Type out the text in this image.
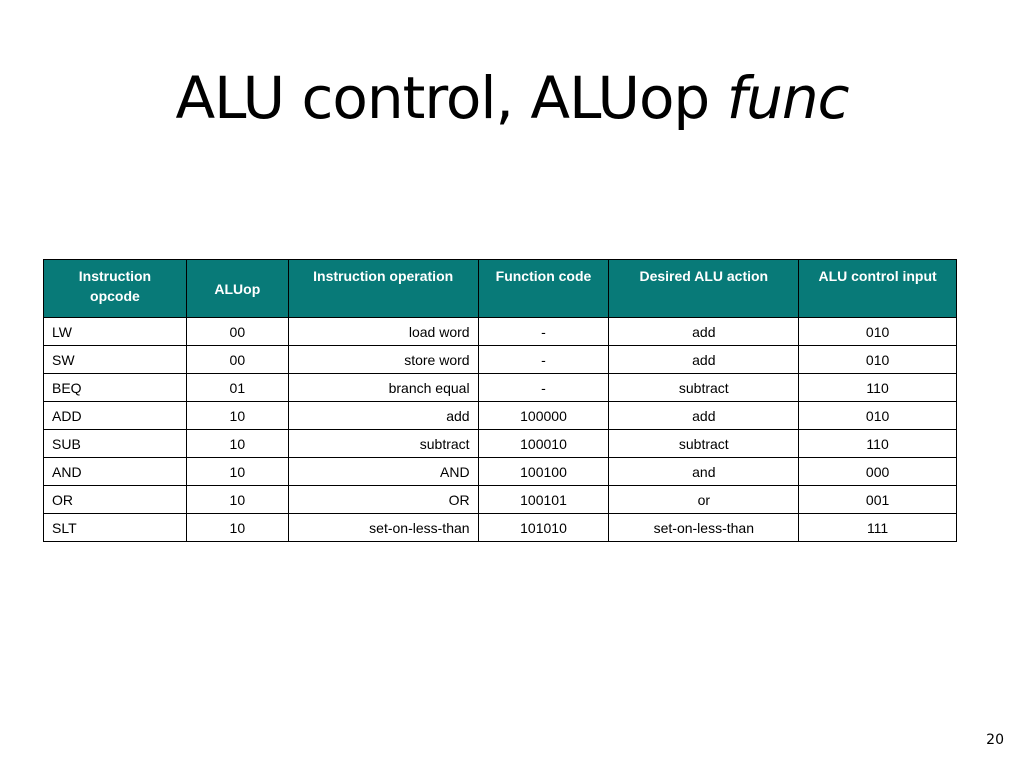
ALU control, ALUop func
Instruction opcode	ALUop	Instruction operation	Function code	Desired ALU action	ALU control input
LW	00	load word	-	add	010
SW	00	store word	-	add	010
BEQ	01	branch equal	-	subtract	110
ADD	10	add	100000	add	010
SUB	10	subtract	100010	subtract	110
AND	10	AND	100100	and	000
OR	10	OR	100101	or	001
SLT	10	set-on-less-than	101010	set-on-less-than	111
20
